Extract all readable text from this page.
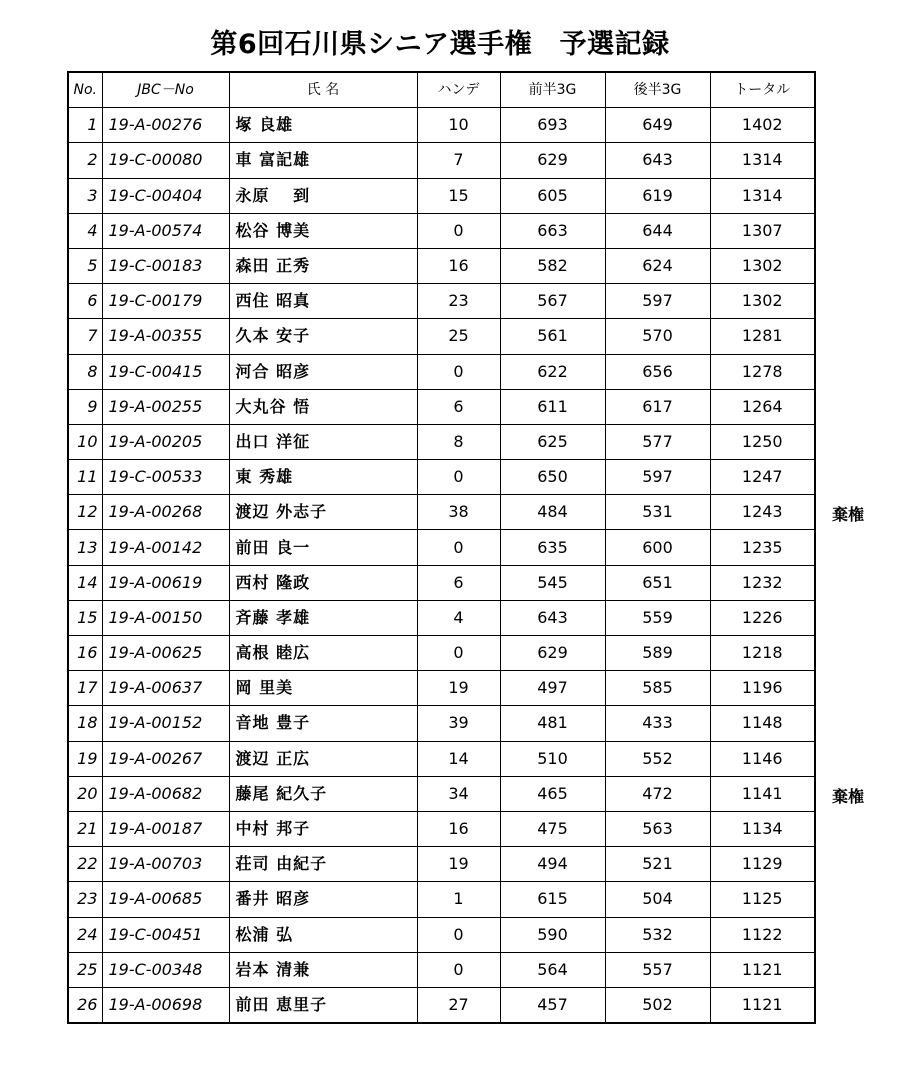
第6回石川県シニア選手権　予選記録
No.	JBC－No	氏 名	ハンデ	前半3G	後半3G	トータル
1	19-A-00276	塚 良雄	10	693	649	1402
2	19-C-00080	車 富記雄	7	629	643	1314
3	19-C-00404	永原　 到	15	605	619	1314
4	19-A-00574	松谷 博美	0	663	644	1307
5	19-C-00183	森田 正秀	16	582	624	1302
6	19-C-00179	西住 昭真	23	567	597	1302
7	19-A-00355	久本 安子	25	561	570	1281
8	19-C-00415	河合 昭彦	0	622	656	1278
9	19-A-00255	大丸谷 悟	6	611	617	1264
10	19-A-00205	出口 洋征	8	625	577	1250
11	19-C-00533	東 秀雄	0	650	597	1247
12	19-A-00268	渡辺 外志子	38	484	531	1243
13	19-A-00142	前田 良一	0	635	600	1235
14	19-A-00619	西村 隆政	6	545	651	1232
15	19-A-00150	斉藤 孝雄	4	643	559	1226
16	19-A-00625	高根 睦広	0	629	589	1218
17	19-A-00637	岡 里美	19	497	585	1196
18	19-A-00152	音地 豊子	39	481	433	1148
19	19-A-00267	渡辺 正広	14	510	552	1146
20	19-A-00682	藤尾 紀久子	34	465	472	1141
21	19-A-00187	中村 邦子	16	475	563	1134
22	19-A-00703	荘司 由紀子	19	494	521	1129
23	19-A-00685	番井 昭彦	1	615	504	1125
24	19-C-00451	松浦 弘	0	590	532	1122
25	19-C-00348	岩本 清兼	0	564	557	1121
26	19-A-00698	前田 恵里子	27	457	502	1121
棄権
棄権
